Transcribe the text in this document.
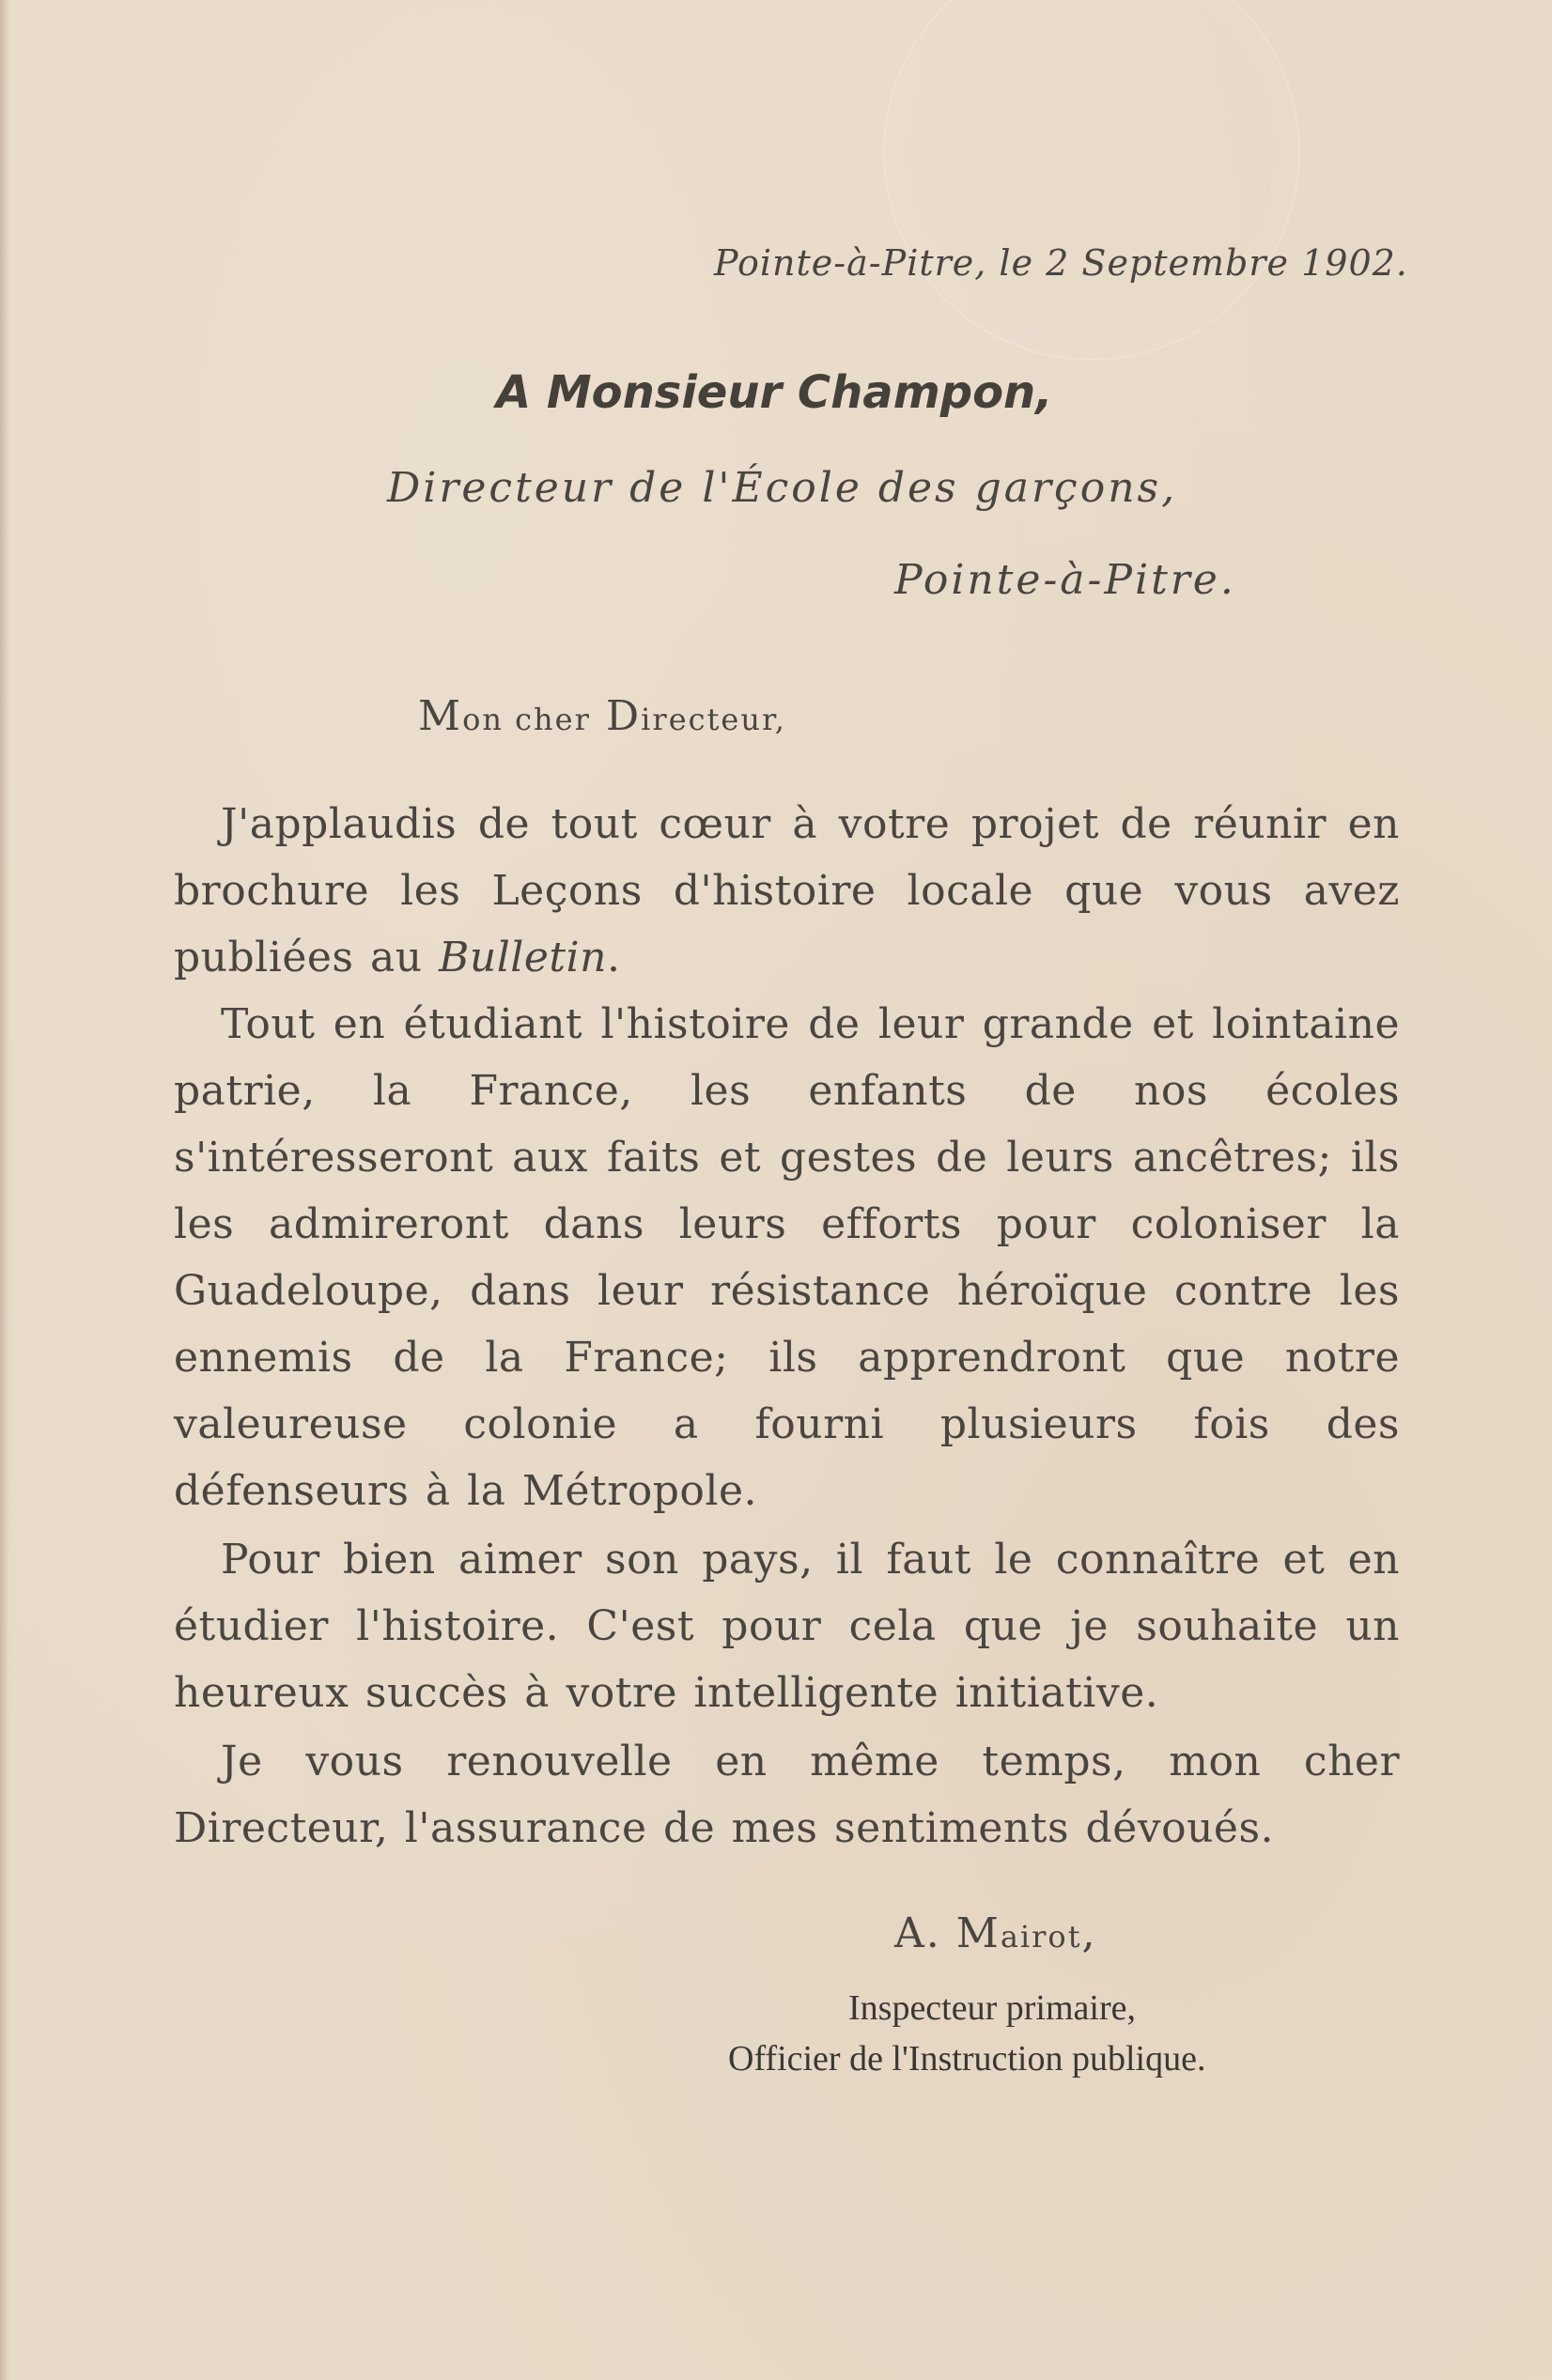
Pointe-à-Pitre, le 2 Septembre 1902.
A Monsieur Champon,
Directeur de l'École des garçons,
Pointe-à-Pitre.
Mon cher Directeur,
J'applaudis de tout cœur à votre projet de réunir en brochure les Leçons d'histoire locale que vous avez publiées au Bulletin.
Tout en étudiant l'histoire de leur grande et lointaine patrie, la France, les enfants de nos écoles s'intéresseront aux faits et gestes de leurs ancêtres; ils les admireront dans leurs efforts pour coloniser la Guadeloupe, dans leur résistance héroïque contre les ennemis de la France; ils apprendront que notre valeureuse colonie a fourni plusieurs fois des défenseurs à la Métropole.
Pour bien aimer son pays, il faut le connaître et en étudier l'histoire. C'est pour cela que je souhaite un heureux succès à votre intelligente initiative.
Je vous renouvelle en même temps, mon cher Directeur, l'assurance de mes sentiments dévoués.
A. Mairot,
Inspecteur primaire,
Officier de l'Instruction publique.
